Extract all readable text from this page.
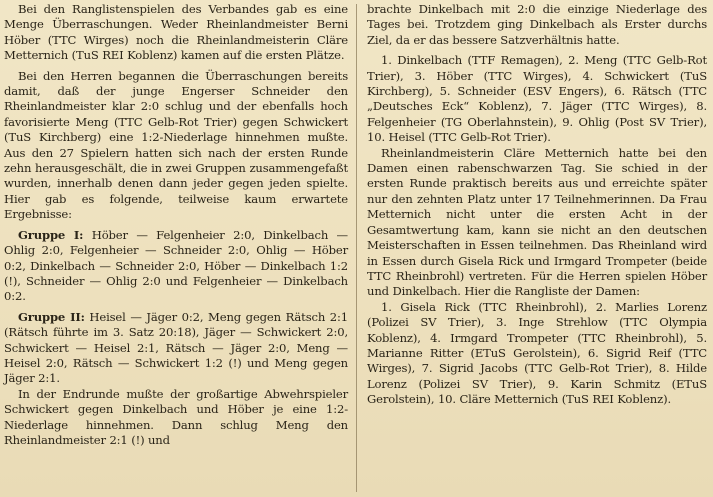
Bei den Ranglistenspielen des Verbandes gab es eine Menge Überraschungen. Weder Rheinlandmeister Berni Höber (TTC Wirges) noch die Rheinlandmeisterin Cläre Metternich (TuS REI Koblenz) kamen auf die ersten Plätze.

Bei den Herren begannen die Überraschungen bereits damit, daß der junge Engerser Schneider den Rheinlandmeister klar 2:0 schlug und der ebenfalls hoch favorisierte Meng (TTC Gelb-Rot Trier) gegen Schwickert (TuS Kirchberg) eine 1:2-Niederlage hinnehmen mußte. Aus den 27 Spielern hatten sich nach der ersten Runde zehn herausgeschält, die in zwei Gruppen zusammengefaßt wurden, innerhalb denen dann jeder gegen jeden spielte. Hier gab es folgende, teilweise kaum erwartete Ergebnisse:

Gruppe I: Höber — Felgenheier 2:0, Dinkelbach — Ohlig 2:0, Felgenheier — Schneider 2:0, Ohlig — Höber 0:2, Dinkelbach — Schneider 2:0, Höber — Dinkelbach 1:2 (!), Schneider — Ohlig 2:0 und Felgenheier — Dinkelbach 0:2.

Gruppe II: Heisel — Jäger 0:2, Meng gegen Rätsch 2:1 (Rätsch führte im 3. Satz 20:18), Jäger — Schwickert 2:0, Schwickert — Heisel 2:1, Rätsch — Jäger 2:0, Meng — Heisel 2:0, Rätsch — Schwickert 1:2 (!) und Meng gegen Jäger 2:1.

In der Endrunde mußte der großartige Abwehrspieler Schwickert gegen Dinkelbach und Höber je eine 1:2-Niederlage hinnehmen. Dann schlug Meng den Rheinlandmeister 2:1 (!) und

brachte Dinkelbach mit 2:0 die einzige Niederlage des Tages bei. Trotzdem ging Dinkelbach als Erster durchs Ziel, da er das bessere Satzverhältnis hatte.

1. Dinkelbach (TTF Remagen), 2. Meng (TTC Gelb-Rot Trier), 3. Höber (TTC Wirges), 4. Schwickert (TuS Kirchberg), 5. Schneider (ESV Engers), 6. Rätsch (TTC „Deutsches Eck“ Koblenz), 7. Jäger (TTC Wirges), 8. Felgenheier (TG Oberlahnstein), 9. Ohlig (Post SV Trier), 10. Heisel (TTC Gelb-Rot Trier).

Rheinlandmeisterin Cläre Metternich hatte bei den Damen einen rabenschwarzen Tag. Sie schied in der ersten Runde praktisch bereits aus und erreichte später nur den zehnten Platz unter 17 Teilnehmerinnen. Da Frau Metternich nicht unter die ersten Acht in der Gesamtwertung kam, kann sie nicht an den deutschen Meisterschaften in Essen teilnehmen. Das Rheinland wird in Essen durch Gisela Rick und Irmgard Trompeter (beide TTC Rheinbrohl) vertreten. Für die Herren spielen Höber und Dinkelbach. Hier die Rangliste der Damen:

1. Gisela Rick (TTC Rheinbrohl), 2. Marlies Lorenz (Polizei SV Trier), 3. Inge Strehlow (TTC Olympia Koblenz), 4. Irmgard Trompeter (TTC Rheinbrohl), 5. Marianne Ritter (ETuS Gerolstein), 6. Sigrid Reif (TTC Wirges), 7. Sigrid Jacobs (TTC Gelb-Rot Trier), 8. Hilde Lorenz (Polizei SV Trier), 9. Karin Schmitz (ETuS Gerolstein), 10. Cläre Metternich (TuS REI Koblenz).
